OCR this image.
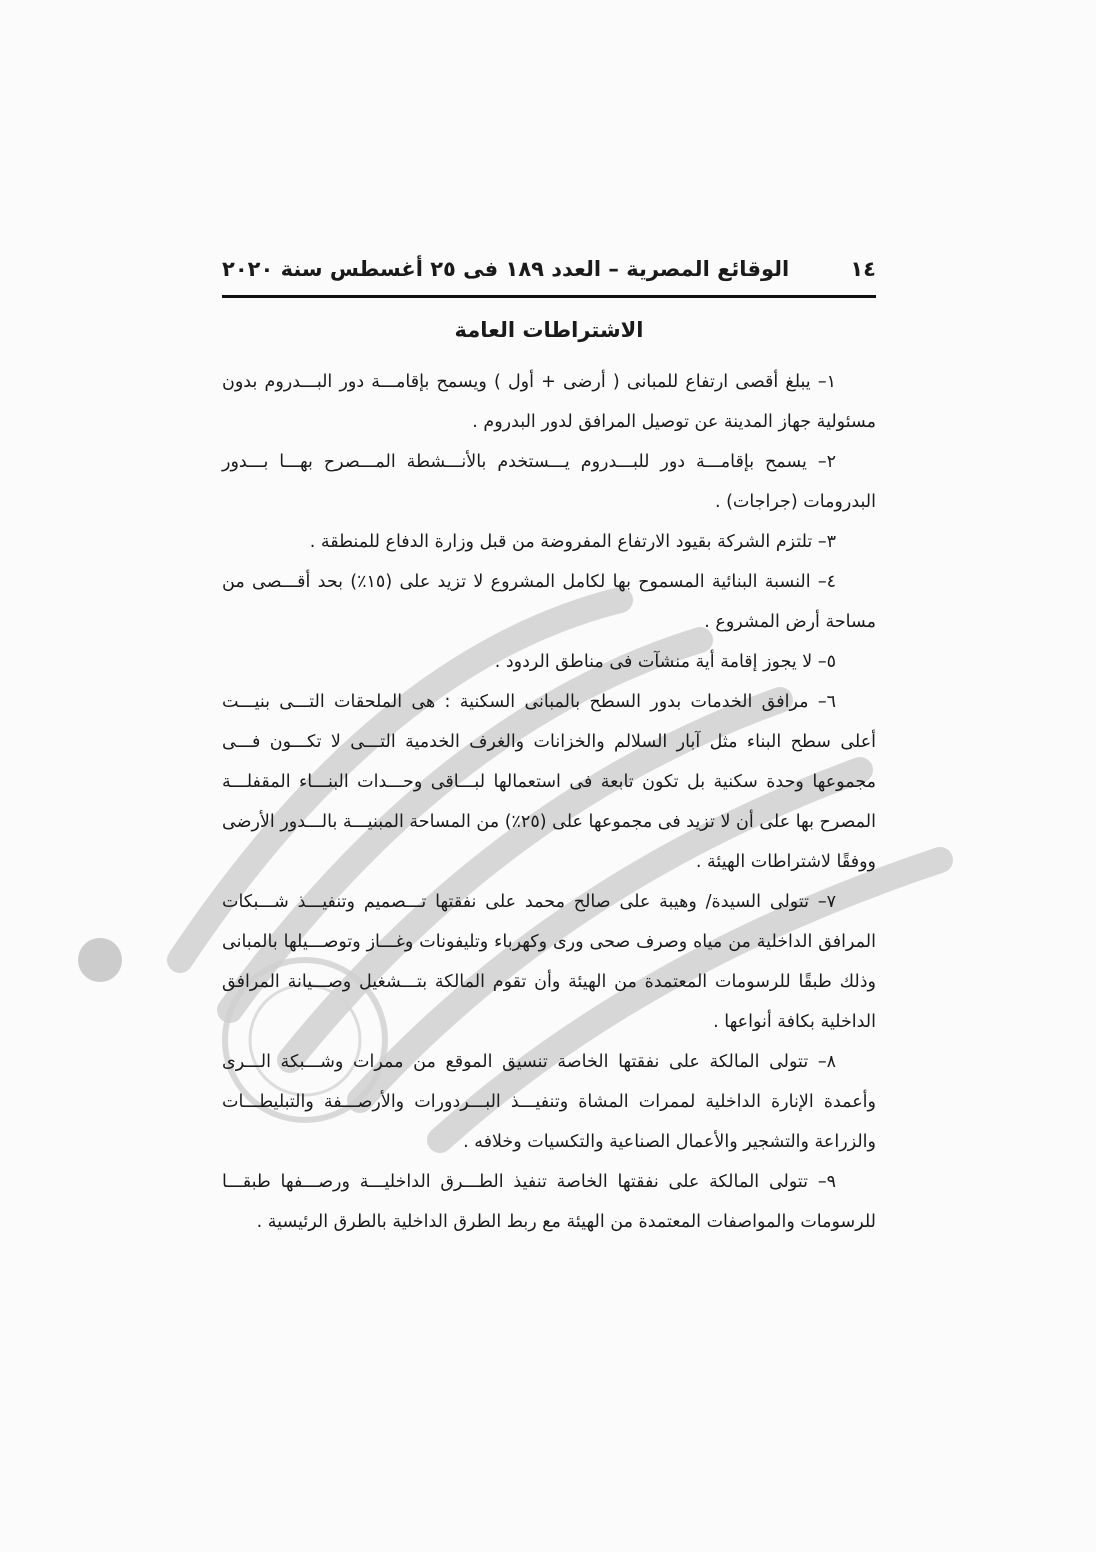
١٤
الوقائع المصرية – العدد ١٨٩ فى ٢٥ أغسطس سنة ٢٠٢٠
الاشتراطات العامة

١– يبلغ أقصى ارتفاع للمبانى ( أرضى + أول ) ويسمح بإقامـــة دور البـــدروم بدون مسئولية جهاز المدينة عن توصيل المرافق لدور البدروم .

٢– يسمح بإقامـــة دور للبـــدروم يـــستخدم بالأنـــشطة المـــصرح بهـــا بـــدور البدرومات (جراجات) .

٣– تلتزم الشركة بقيود الارتفاع المفروضة من قبل وزارة الدفاع للمنطقة .

٤– النسبة البنائية المسموح بها لكامل المشروع لا تزيد على (١٥٪) بحد أقـــصى من مساحة أرض المشروع .

٥– لا يجوز إقامة أية منشآت فى مناطق الردود .

٦– مرافق الخدمات بدور السطح بالمبانى السكنية : هى الملحقات التـــى بنيـــت أعلى سطح البناء مثل آبار السلالم والخزانات والغرف الخدمية التـــى لا تكـــون فـــى مجموعها وحدة سكنية بل تكون تابعة فى استعمالها لبـــاقى وحـــدات البنـــاء المقفلـــة المصرح بها على أن لا تزيد فى مجموعها على (٢٥٪) من المساحة المبنيـــة بالـــدور الأرضى ووفقًا لاشتراطات الهيئة .

٧– تتولى السيدة/ وهيبة على صالح محمد على نفقتها تـــصميم وتنفيـــذ شـــبكات المرافق الداخلية من مياه وصرف صحى ورى وكهرباء وتليفونات وغـــاز وتوصـــيلها بالمبانى وذلك طبقًا للرسومات المعتمدة من الهيئة وأن تقوم المالكة بتـــشغيل وصـــيانة المرافق الداخلية بكافة أنواعها .

٨– تتولى المالكة على نفقتها الخاصة تنسيق الموقع من ممرات وشـــبكة الـــرى وأعمدة الإنارة الداخلية لممرات المشاة وتنفيـــذ البـــردورات والأرصـــفة والتبليطـــات والزراعة والتشجير والأعمال الصناعية والتكسيات وخلافه .

٩– تتولى المالكة على نفقتها الخاصة تنفيذ الطـــرق الداخليـــة ورصـــفها طبقـــا للرسومات والمواصفات المعتمدة من الهيئة مع ربط الطرق الداخلية بالطرق الرئيسية .
